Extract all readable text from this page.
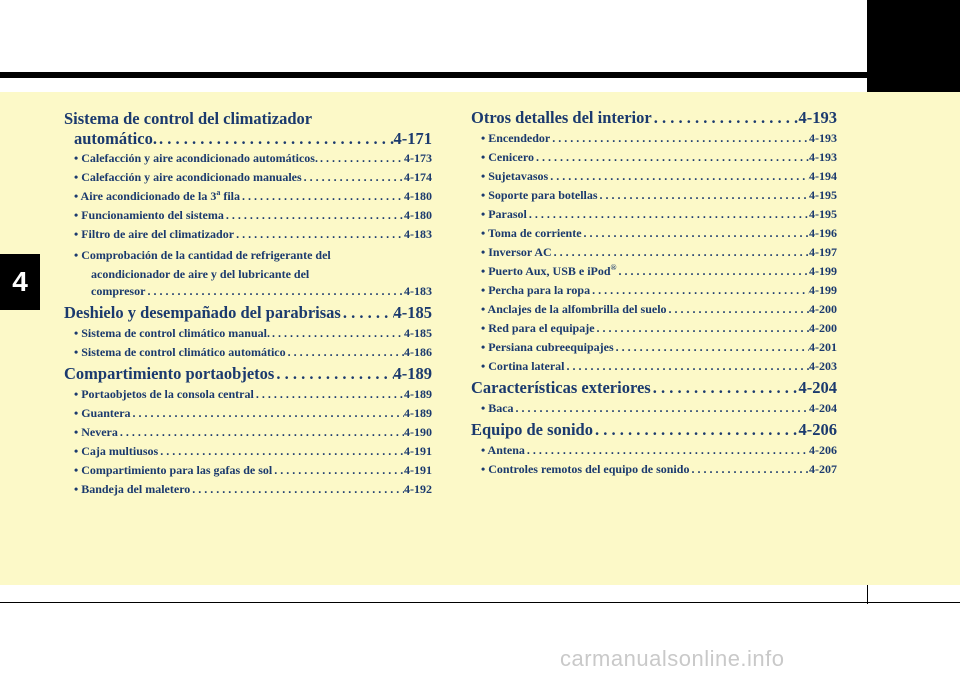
4
Sistema de control del climatizador
automático. . . .	4-171
• Calefacción y aire acondicionado automáticos. . . .	4-173
• Calefacción y aire acondicionado manuales . . .	4-174
• Aire acondicionado de la 3$^a$ fila . . .	4-180
• Funcionamiento del sistema . . .	4-180
• Filtro de aire del climatizador . . .	4-183
• Comprobación de la cantidad de refrigerante del
acondicionador de aire y del lubricante del
compresor . . .	4-183
Deshielo y desempañado del parabrisas . . .	4-185
• Sistema de control climático manual. . . .	4-185
• Sistema de control climático automático . . .	4-186
Compartimiento portaobjetos . . .	4-189
• Portaobjetos de la consola central . . .	4-189
• Guantera . . .	4-189
• Nevera . . .	4-190
• Caja multiusos . . .	4-191
• Compartimiento para las gafas de sol . . .	4-191
• Bandeja del maletero . . .	4-192
Otros detalles del interior . . .	4-193
• Encendedor . . .	4-193
• Cenicero . . .	4-193
• Sujetavasos . . .	4-194
• Soporte para botellas . . .	4-195
• Parasol . . .	4-195
• Toma de corriente . . .	4-196
• Inversor AC . . .	4-197
• Puerto Aux, USB e iPod® . . .	4-199
• Percha para la ropa . . .	4-199
• Anclajes de la alfombrilla del suelo . . .	4-200
• Red para el equipaje . . .	4-200
• Persiana cubreequipajes . . .	4-201
• Cortina lateral . . .	4-203
Características exteriores . . .	4-204
• Baca . . .	4-204
Equipo de sonido . . .	4-206
• Antena . . .	4-206
• Controles remotos del equipo de sonido . . .	4-207
carmanualsonline.info
